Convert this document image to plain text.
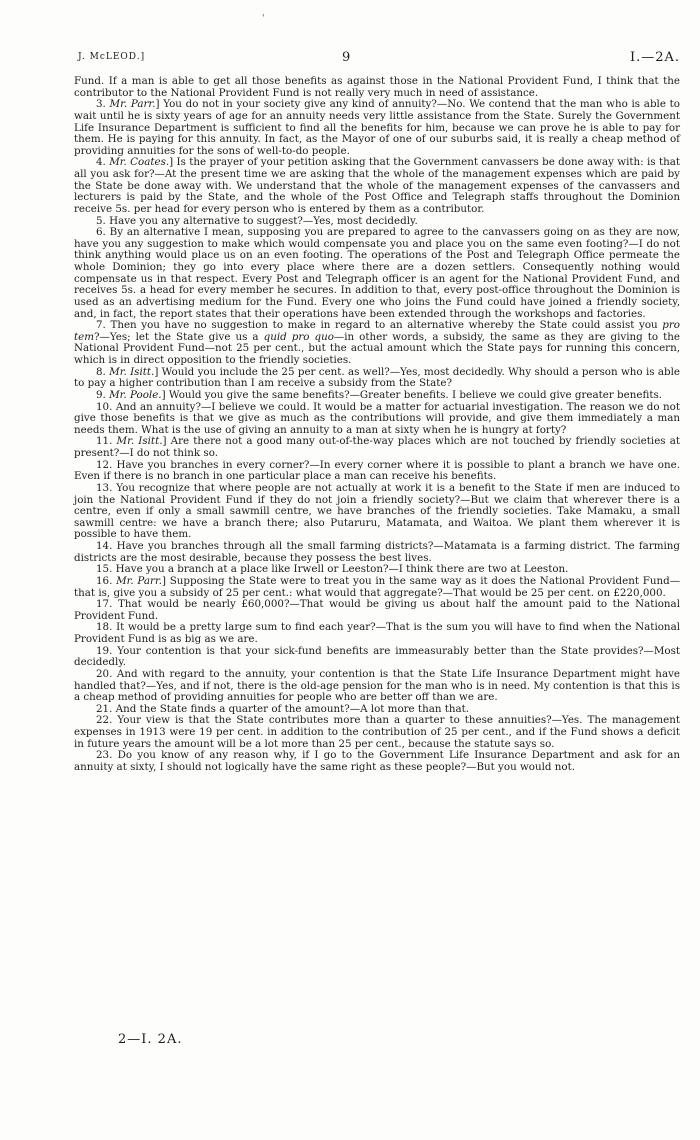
'
J. McLEOD.]	9	I.—2A.

Fund. If a man is able to get all those benefits as against those in the National Provident Fund, I think that the contributor to the National Provident Fund is not really very much in need of assistance.

3. Mr. Parr.] You do not in your society give any kind of annuity?—No. We contend that the man who is able to wait until he is sixty years of age for an annuity needs very little assistance from the State. Surely the Government Life Insurance Department is sufficient to find all the benefits for him, because we can prove he is able to pay for them. He is paying for this annuity. In fact, as the Mayor of one of our suburbs said, it is really a cheap method of providing annuities for the sons of well-to-do people.

4. Mr. Coates.] Is the prayer of your petition asking that the Government canvassers be done away with: is that all you ask for?—At the present time we are asking that the whole of the management expenses which are paid by the State be done away with. We understand that the whole of the management expenses of the canvassers and lecturers is paid by the State, and the whole of the Post Office and Telegraph staffs throughout the Dominion receive 5s. per head for every person who is entered by them as a contributor.

5. Have you any alternative to suggest?—Yes, most decidedly.

6. By an alternative I mean, supposing you are prepared to agree to the canvassers going on as they are now, have you any suggestion to make which would compensate you and place you on the same even footing?—I do not think anything would place us on an even footing. The operations of the Post and Telegraph Office permeate the whole Dominion; they go into every place where there are a dozen settlers. Consequently nothing would compensate us in that respect. Every Post and Telegraph officer is an agent for the National Provident Fund, and receives 5s. a head for every member he secures. In addition to that, every post-office throughout the Dominion is used as an advertising medium for the Fund. Every one who joins the Fund could have joined a friendly society, and, in fact, the report states that their operations have been extended through the workshops and factories.

7. Then you have no suggestion to make in regard to an alternative whereby the State could assist you pro tem?—Yes; let the State give us a quid pro quo—in other words, a subsidy, the same as they are giving to the National Provident Fund—not 25 per cent., but the actual amount which the State pays for running this concern, which is in direct opposition to the friendly societies.

8. Mr. Isitt.] Would you include the 25 per cent. as well?—Yes, most decidedly. Why should a person who is able to pay a higher contribution than I am receive a subsidy from the State?

9. Mr. Poole.] Would you give the same benefits?—Greater benefits. I believe we could give greater benefits.

10. And an annuity?—I believe we could. It would be a matter for actuarial investigation. The reason we do not give those benefits is that we give as much as the contributions will provide, and give them immediately a man needs them. What is the use of giving an annuity to a man at sixty when he is hungry at forty?

11. Mr. Isitt.] Are there not a good many out-of-the-way places which are not touched by friendly societies at present?—I do not think so.

12. Have you branches in every corner?—In every corner where it is possible to plant a branch we have one. Even if there is no branch in one particular place a man can receive his benefits.

13. You recognize that where people are not actually at work it is a benefit to the State if men are induced to join the National Provident Fund if they do not join a friendly society?—But we claim that wherever there is a centre, even if only a small sawmill centre, we have branches of the friendly societies. Take Mamaku, a small sawmill centre: we have a branch there; also Putaruru, Matamata, and Waitoa. We plant them wherever it is possible to have them.

14. Have you branches through all the small farming districts?—Matamata is a farming district. The farming districts are the most desirable, because they possess the best lives.

15. Have you a branch at a place like Irwell or Leeston?—I think there are two at Leeston.

16. Mr. Parr.] Supposing the State were to treat you in the same way as it does the National Provident Fund—that is, give you a subsidy of 25 per cent.: what would that aggregate?—That would be 25 per cent. on £220,000.

17. That would be nearly £60,000?—That would be giving us about half the amount paid to the National Provident Fund.

18. It would be a pretty large sum to find each year?—That is the sum you will have to find when the National Provident Fund is as big as we are.

19. Your contention is that your sick-fund benefits are immeasurably better than the State provides?—Most decidedly.

20. And with regard to the annuity, your contention is that the State Life Insurance Department might have handled that?—Yes, and if not, there is the old-age pension for the man who is in need. My contention is that this is a cheap method of providing annuities for people who are better off than we are.

21. And the State finds a quarter of the amount?—A lot more than that.

22. Your view is that the State contributes more than a quarter to these annuities?—Yes. The management expenses in 1913 were 19 per cent. in addition to the contribution of 25 per cent., and if the Fund shows a deficit in future years the amount will be a lot more than 25 per cent., because the statute says so.

23. Do you know of any reason why, if I go to the Government Life Insurance Department and ask for an annuity at sixty, I should not logically have the same right as these people?—But you would not.

2—I. 2A.
